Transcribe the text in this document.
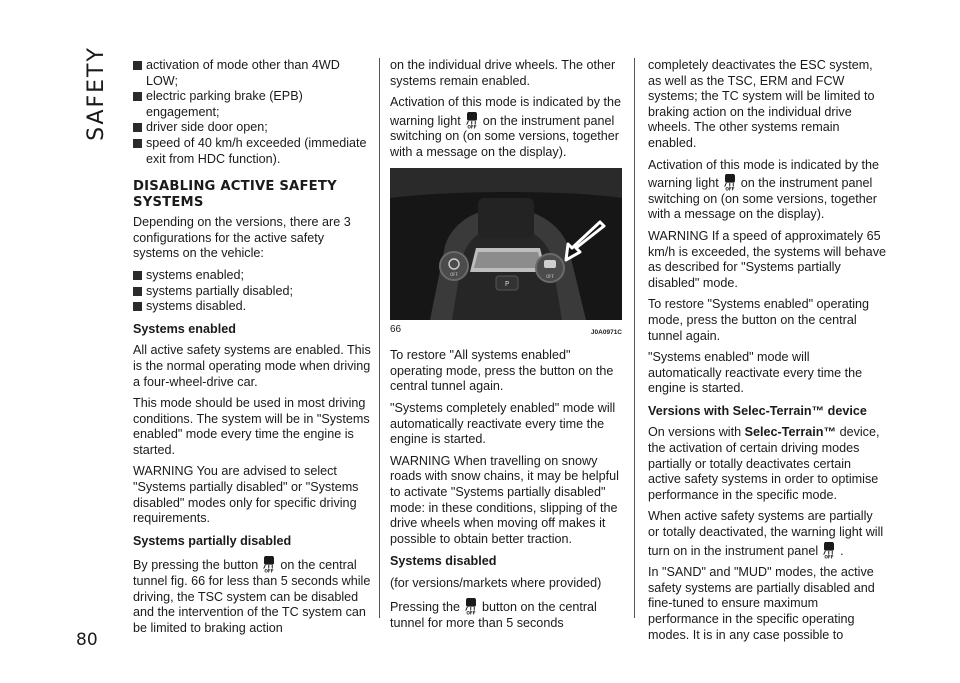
SAFETY
80
activation of mode other than 4WD LOW;
electric parking brake (EPB) engagement;
driver side door open;
speed of 40 km/h exceeded (immediate exit from HDC function).
DISABLING ACTIVE SAFETY SYSTEMS
Depending on the versions, there are 3 configurations for the active safety systems on the vehicle:
systems enabled;
systems partially disabled;
systems disabled.
Systems enabled
All active safety systems are enabled. This is the normal operating mode when driving a four-wheel-drive car.
This mode should be used in most driving conditions. The system will be in "Systems enabled" mode every time the engine is started.
WARNING You are advised to select "Systems partially disabled" or "Systems disabled" modes only for specific driving requirements.
Systems partially disabled
By pressing the button on the central tunnel fig. 66 for less than 5 seconds while driving, the TSC system can be disabled and the intervention of the TC system can be limited to braking action
on the individual drive wheels. The other systems remain enabled.
Activation of this mode is indicated by the warning light on the instrument panel switching on (on some versions, together with a message on the display).
OFF
P
OFF
66	J0A0971C
To restore "All systems enabled" operating mode, press the button on the central tunnel again.
"Systems completely enabled" mode will automatically reactivate every time the engine is started.
WARNING When travelling on snowy roads with snow chains, it may be helpful to activate "Systems partially disabled" mode: in these conditions, slipping of the drive wheels when moving off makes it possible to obtain better traction.
Systems disabled
(for versions/markets where provided)
Pressing the button on the central tunnel for more than 5 seconds
completely deactivates the ESC system, as well as the TSC, ERM and FCW systems; the TC system will be limited to braking action on the individual drive wheels. The other systems remain enabled.
Activation of this mode is indicated by the warning light on the instrument panel switching on (on some versions, together with a message on the display).
WARNING If a speed of approximately 65 km/h is exceeded, the systems will behave as described for "Systems partially disabled" mode.
To restore "Systems enabled" operating mode, press the button on the central tunnel again.
"Systems enabled" mode will automatically reactivate every time the engine is started.
Versions with Selec-Terrain™ device
On versions with Selec-Terrain™ device, the activation of certain driving modes partially or totally deactivates certain active safety systems in order to optimise performance in the specific mode.
When active safety systems are partially or totally deactivated, the warning light will turn on in the instrument panel .
In "SAND" and "MUD" modes, the active safety systems are partially disabled and fine-tuned to ensure maximum performance in the specific operating modes. It is in any case possible to
